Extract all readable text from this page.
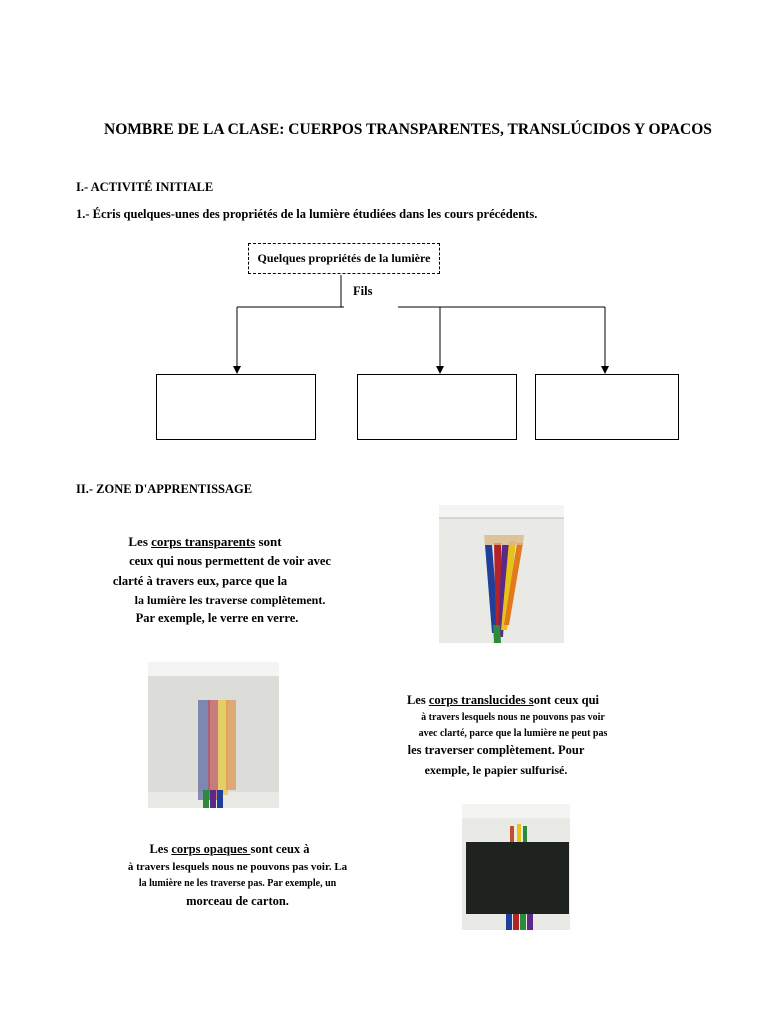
NOMBRE DE LA CLASE: CUERPOS TRANSPARENTES, TRANSLÚCIDOS Y OPACOS
I.- ACTIVITÉ INITIALE
1.- Écris quelques-unes des propriétés de la lumière étudiées dans les cours précédents.
Quelques propriétés de la lumière
Fils
II.- ZONE D'APPRENTISSAGE
Les corps transparents sont
ceux qui nous permettent de voir avec
clarté à travers eux, parce que la
la lumière les traverse complètement.
Par exemple, le verre en verre.
Les corps translucides sont ceux qui
à travers lesquels nous ne pouvons pas voir
avec clarté, parce que la lumière ne peut pas
les traverser complètement. Pour
exemple, le papier sulfurisé.
Les corps opaques sont ceux à
à travers lesquels nous ne pouvons pas voir. La
la lumière ne les traverse pas. Par exemple, un
morceau de carton.
